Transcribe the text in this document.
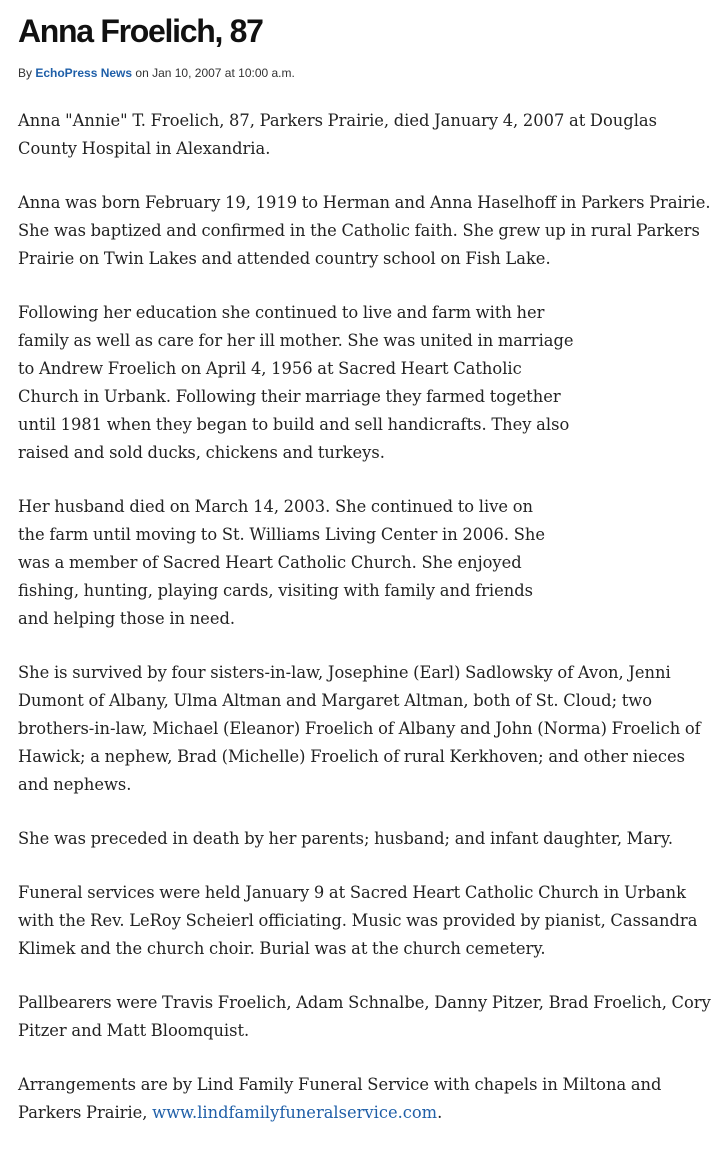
Anna Froelich, 87
By EchoPress News on Jan 10, 2007 at 10:00 a.m.

Anna "Annie" T. Froelich, 87, Parkers Prairie, died January 4, 2007 at Douglas County Hospital in Alexandria.

Anna was born February 19, 1919 to Herman and Anna Haselhoff in Parkers Prairie. She was baptized and confirmed in the Catholic faith. She grew up in rural Parkers Prairie on Twin Lakes and attended country school on Fish Lake.

Following her education she continued to live and farm with her family as well as care for her ill mother. She was united in marriage to Andrew Froelich on April 4, 1956 at Sacred Heart Catholic Church in Urbank. Following their marriage they farmed together until 1981 when they began to build and sell handicrafts. They also raised and sold ducks, chickens and turkeys.

Her husband died on March 14, 2003. She continued to live on the farm until moving to St. Williams Living Center in 2006. She was a member of Sacred Heart Catholic Church. She enjoyed fishing, hunting, playing cards, visiting with family and friends and helping those in need.

She is survived by four sisters-in-law, Josephine (Earl) Sadlowsky of Avon, Jenni Dumont of Albany, Ulma Altman and Margaret Altman, both of St. Cloud; two brothers-in-law, Michael (Eleanor) Froelich of Albany and John (Norma) Froelich of Hawick; a nephew, Brad (Michelle) Froelich of rural Kerkhoven; and other nieces and nephews.

She was preceded in death by her parents; husband; and infant daughter, Mary.

Funeral services were held January 9 at Sacred Heart Catholic Church in Urbank with the Rev. LeRoy Scheierl officiating. Music was provided by pianist, Cassandra Klimek and the church choir. Burial was at the church cemetery.

Pallbearers were Travis Froelich, Adam Schnalbe, Danny Pitzer, Brad Froelich, Cory Pitzer and Matt Bloomquist.

Arrangements are by Lind Family Funeral Service with chapels in Miltona and Parkers Prairie, www.lindfamilyfuneralservice.com.
